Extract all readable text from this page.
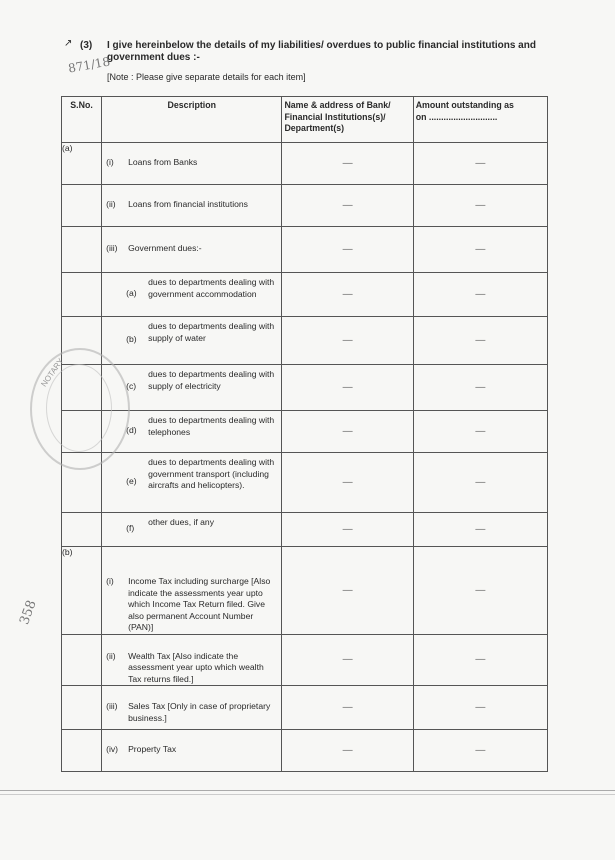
↗ (3) I give hereinbelow the details of my liabilities/ overdues to public financial institutions and government dues :-
[Note : Please give separate details for each item]
871/18
S.No.	Description	Name & address of Bank/
Financial Institutions(s)/
Department(s)	Amount outstanding as
on ............................
(a)	(i) Loans from Banks	—	—

	(ii) Loans from financial institutions	—	—

	(iii) Government dues:-	—	—

	(a)
dues to departments dealing with government accommodation	—	—

	(b)
dues to departments dealing with supply of water	—	—

	(c)
dues to departments dealing with supply of electricity	—	—

	(d)
dues to departments dealing with telephones	—	—

	(e)
dues to departments dealing with government transport (including aircrafts and helicopters).	—	—

	(f)
other dues, if any	—	—
(b)	(i) Income Tax including surcharge [Also indicate the assessments year upto which Income Tax Return filed. Give also permanent Account Number (PAN)]	—	—

	(ii) Wealth Tax [Also indicate the assessment year upto which wealth Tax returns filed.]	—	—

	(iii) Sales Tax [Only in case of proprietary business.]	—	—

	(iv) Property Tax	—	—
NOTARY
358
